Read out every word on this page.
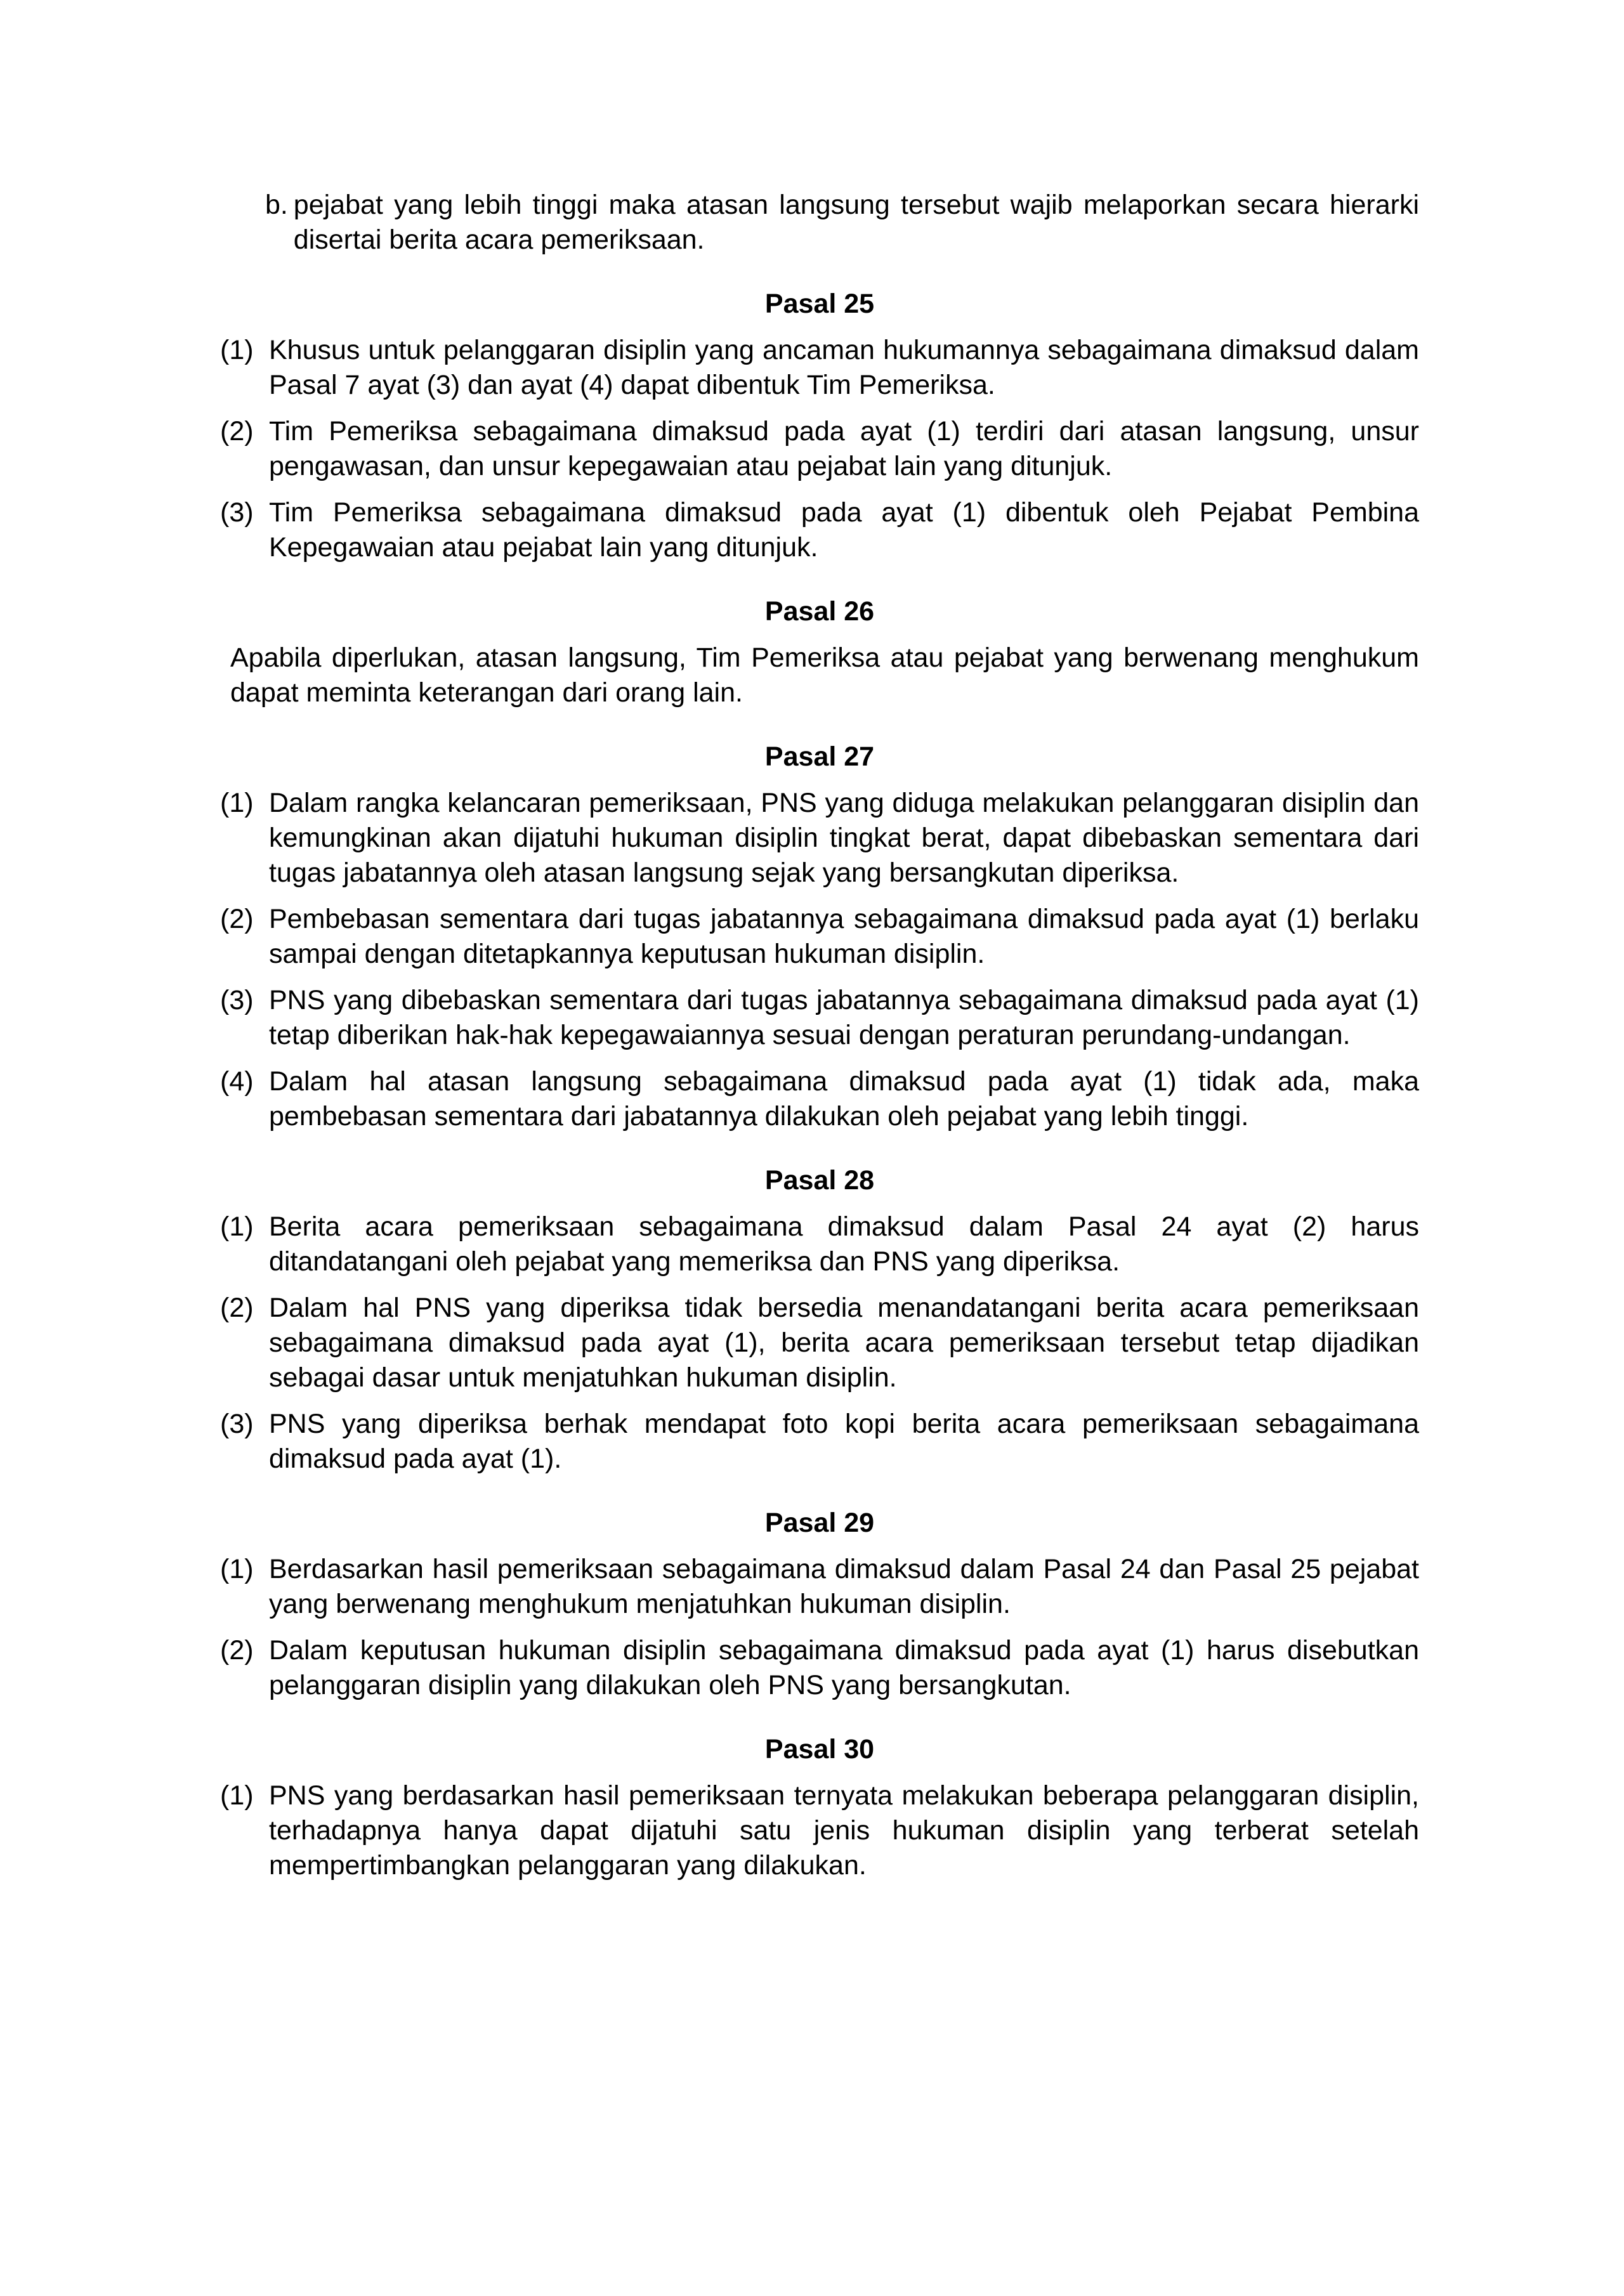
b. pejabat yang lebih tinggi maka atasan langsung tersebut wajib melaporkan secara hierarki disertai berita acara pemeriksaan.
Pasal 25
(1) Khusus untuk pelanggaran disiplin yang ancaman hukumannya sebagaimana dimaksud dalam Pasal 7 ayat (3) dan ayat (4) dapat dibentuk Tim Pemeriksa.
(2) Tim Pemeriksa sebagaimana dimaksud pada ayat (1) terdiri dari atasan langsung, unsur pengawasan, dan unsur kepegawaian atau pejabat lain yang ditunjuk.
(3) Tim Pemeriksa sebagaimana dimaksud pada ayat (1) dibentuk oleh Pejabat Pembina Kepegawaian atau pejabat lain yang ditunjuk.
Pasal 26
Apabila diperlukan, atasan langsung, Tim Pemeriksa atau pejabat yang berwenang menghukum dapat meminta keterangan dari orang lain.
Pasal 27
(1) Dalam rangka kelancaran pemeriksaan, PNS yang diduga melakukan pelanggaran disiplin dan kemungkinan akan dijatuhi hukuman disiplin tingkat berat, dapat dibebaskan sementara dari tugas jabatannya oleh atasan langsung sejak yang bersangkutan diperiksa.
(2) Pembebasan sementara dari tugas jabatannya sebagaimana dimaksud pada ayat (1) berlaku sampai dengan ditetapkannya keputusan hukuman disiplin.
(3) PNS yang dibebaskan sementara dari tugas jabatannya sebagaimana dimaksud pada ayat (1) tetap diberikan hak-hak kepegawaiannya sesuai dengan peraturan perundang-undangan.
(4) Dalam hal atasan langsung sebagaimana dimaksud pada ayat (1) tidak ada, maka pembebasan sementara dari jabatannya dilakukan oleh pejabat yang lebih tinggi.
Pasal 28
(1) Berita acara pemeriksaan sebagaimana dimaksud dalam Pasal 24 ayat (2) harus ditandatangani oleh pejabat yang memeriksa dan PNS yang diperiksa.
(2) Dalam hal PNS yang diperiksa tidak bersedia menandatangani berita acara pemeriksaan sebagaimana dimaksud pada ayat (1), berita acara pemeriksaan tersebut tetap dijadikan sebagai dasar untuk menjatuhkan hukuman disiplin.
(3) PNS yang diperiksa berhak mendapat foto kopi berita acara pemeriksaan sebagaimana dimaksud pada ayat (1).
Pasal 29
(1) Berdasarkan hasil pemeriksaan sebagaimana dimaksud dalam Pasal 24 dan Pasal 25 pejabat yang berwenang menghukum menjatuhkan hukuman disiplin.
(2) Dalam keputusan hukuman disiplin sebagaimana dimaksud pada ayat (1) harus disebutkan pelanggaran disiplin yang dilakukan oleh PNS yang bersangkutan.
Pasal 30
(1) PNS yang berdasarkan hasil pemeriksaan ternyata melakukan beberapa pelanggaran disiplin, terhadapnya hanya dapat dijatuhi satu jenis hukuman disiplin yang terberat setelah mempertimbangkan pelanggaran yang dilakukan.
